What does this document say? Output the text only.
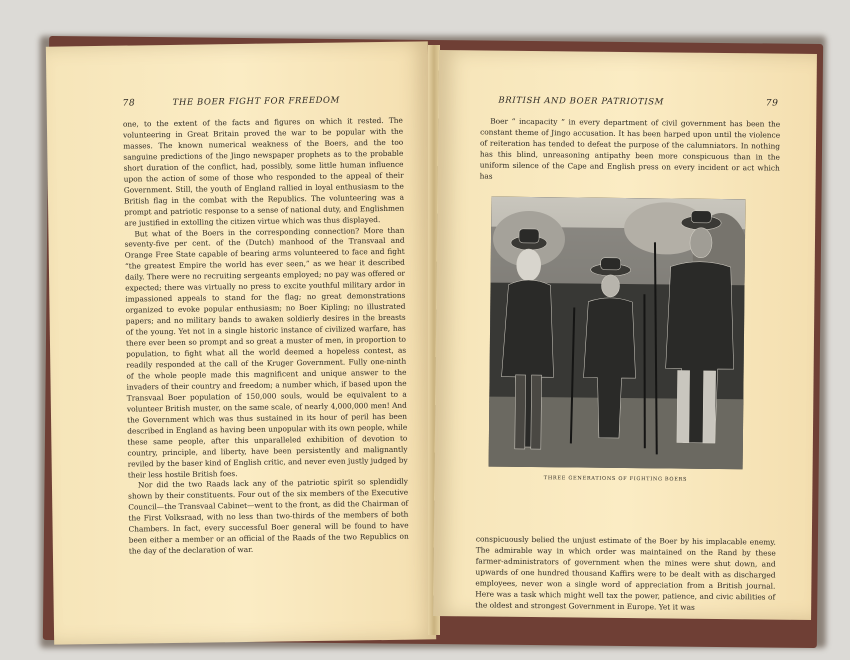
78	THE BOER FIGHT FOR FREEDOM

one, to the extent of the facts and figures on which it rested. The volunteering in Great Britain proved the war to be popular with the masses. The known numerical weakness of the Boers, and the too sanguine predictions of the Jingo newspaper prophets as to the probable short duration of the conflict, had, possibly, some little human influence upon the action of some of those who responded to the appeal of their Government. Still, the youth of England rallied in loyal enthusiasm to the British flag in the combat with the Republics. The volunteering was a prompt and patriotic response to a sense of national duty, and Englishmen are justified in extolling the citizen virtue which was thus displayed.

But what of the Boers in the corresponding connection? More than seventy-five per cent. of the (Dutch) manhood of the Transvaal and Orange Free State capable of bearing arms volunteered to face and fight “the greatest Empire the world has ever seen,” as we hear it described daily. There were no recruiting sergeants employed; no pay was offered or expected; there was virtually no press to excite youthful military ardor in impassioned appeals to stand for the flag; no great demonstrations organized to evoke popular enthusiasm; no Boer Kipling; no illustrated papers; and no military bands to awaken soldierly desires in the breasts of the young. Yet not in a single historic instance of civilized warfare, has there ever been so prompt and so great a muster of men, in proportion to population, to fight what all the world deemed a hopeless contest, as readily responded at the call of the Kruger Government. Fully one-ninth of the whole people made this magnificent and unique answer to the invaders of their country and freedom; a number which, if based upon the Transvaal Boer population of 150,000 souls, would be equivalent to a volunteer British muster, on the same scale, of nearly 4,000,000 men! And the Government which was thus sustained in its hour of peril has been described in England as having been unpopular with its own people, while these same people, after this unparalleled exhibition of devotion to country, principle, and liberty, have been persistently and malignantly reviled by the baser kind of English critic, and never even justly judged by their less hostile British foes.

Nor did the two Raads lack any of the patriotic spirit so splendidly shown by their constituents. Four out of the six members of the Executive Council—the Transvaal Cabinet—went to the front, as did the Chairman of the First Volksraad, with no less than two-thirds of the members of both Chambers. In fact, every successful Boer general will be found to have been either a member or an official of the Raads of the two Republics on the day of the declaration of war.

BRITISH AND BOER PATRIOTISM	79

Boer “ incapacity ” in every department of civil government has been the constant theme of Jingo accusation. It has been harped upon until the violence of reiteration has tended to defeat the purpose of the calumniators. In nothing has this blind, unreasoning antipathy been more conspicuous than in the uniform silence of the Cape and English press on every incident or act which has

THREE GENERATIONS OF FIGHTING BOERS

conspicuously belied the unjust estimate of the Boer by his implacable enemy. The admirable way in which order was maintained on the Rand by these farmer-administrators of government when the mines were shut down, and upwards of one hundred thousand Kaffirs were to be dealt with as discharged employees, never won a single word of appreciation from a British journal. Here was a task which might well tax the power, patience, and civic abilities of the oldest and strongest Government in Europe. Yet it was
